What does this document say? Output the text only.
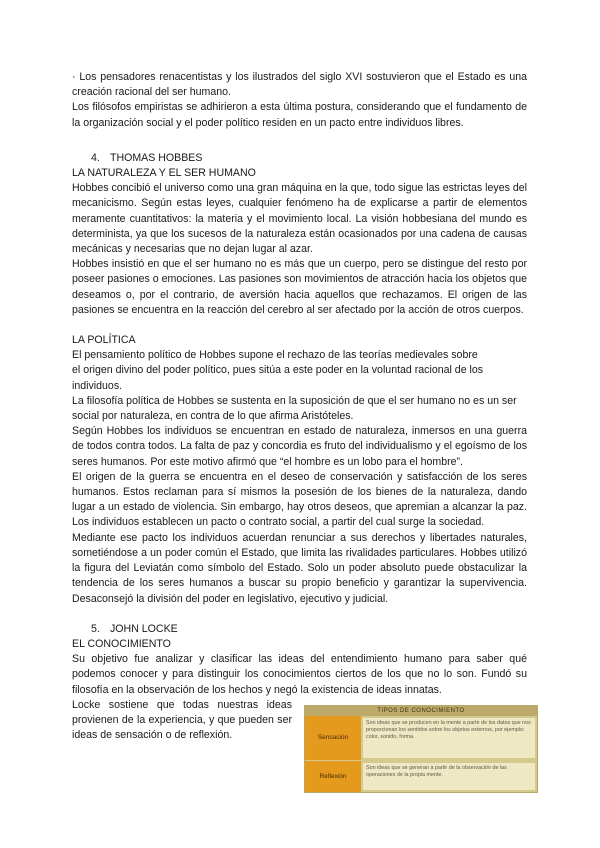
· Los pensadores renacentistas y los ilustrados del siglo XVI sostuvieron que el Estado es una creación racional del ser humano.

Los filósofos empiristas se adhirieron a esta última postura, considerando que el fundamento de la organización social y el poder político residen en un pacto entre individuos libres.

4. THOMAS HOBBES

LA NATURALEZA Y EL SER HUMANO

Hobbes concibió el universo como una gran máquina en la que, todo sigue las estrictas leyes del mecanicismo. Según estas leyes, cualquier fenómeno ha de explicarse a partir de elementos meramente cuantitativos: la materia y el movimiento local. La visión hobbesiana del mundo es determinista, ya que los sucesos de la naturaleza están ocasionados por una cadena de causas mecánicas y necesarias que no dejan lugar al azar.

Hobbes insistió en que el ser humano no es más que un cuerpo, pero se distingue del resto por poseer pasiones o emociones. Las pasiones son movimientos de atracción hacia los objetos que deseamos o, por el contrario, de aversión hacia aquellos que rechazamos. El origen de las pasiones se encuentra en la reacción del cerebro al ser afectado por la acción de otros cuerpos.

LA POLÍTICA

El pensamiento político de Hobbes supone el rechazo de las teorías medievales sobre

el origen divino del poder político, pues sitúa a este poder en la voluntad racional de los individuos.

La filosofía política de Hobbes se sustenta en la suposición de que el ser humano no es un ser social por naturaleza, en contra de lo que afirma Aristóteles.

Según Hobbes los individuos se encuentran en estado de naturaleza, inmersos en una guerra de todos contra todos. La falta de paz y concordia es fruto del individualismo y el egoísmo de los seres humanos. Por este motivo afirmó que “el hombre es un lobo para el hombre”.

El origen de la guerra se encuentra en el deseo de conservación y satisfacción de los seres humanos. Estos reclaman para sí mismos la posesión de los bienes de la naturaleza, dando lugar a un estado de violencia. Sin embargo, hay otros deseos, que apremian a alcanzar la paz. Los individuos establecen un pacto o contrato social, a partir del cual surge la sociedad.

Mediante ese pacto los individuos acuerdan renunciar a sus derechos y libertades naturales, sometiéndose a un poder común el Estado, que limita las rivalidades particulares. Hobbes utilizó la figura del Leviatán como símbolo del Estado. Solo un poder absoluto puede obstaculizar la tendencia de los seres humanos a buscar su propio beneficio y garantizar la supervivencia. Desaconsejó la división del poder en legislativo, ejecutivo y judicial.

5. JOHN LOCKE

EL CONOCIMIENTO

Su objetivo fue analizar y clasificar las ideas del entendimiento humano para saber qué podemos conocer y para distinguir los conocimientos ciertos de los que no lo son. Fundó su filosofía en la observación de los hechos y negó la existencia de ideas innatas.

Locke sostiene que todas nuestras ideas provienen de la experiencia, y que pueden ser ideas de sensación o de reflexión.

TIPOS DE CONOCIMIENTO
Sensación
Son ideas que se producen en la mente a partir de los datos que nos proporcionan los sentidos sobre los objetos externos, por ejemplo: color, sonido, forma.
Reflexión
Son ideas que se generan a partir de la observación de las operaciones de la propia mente.
